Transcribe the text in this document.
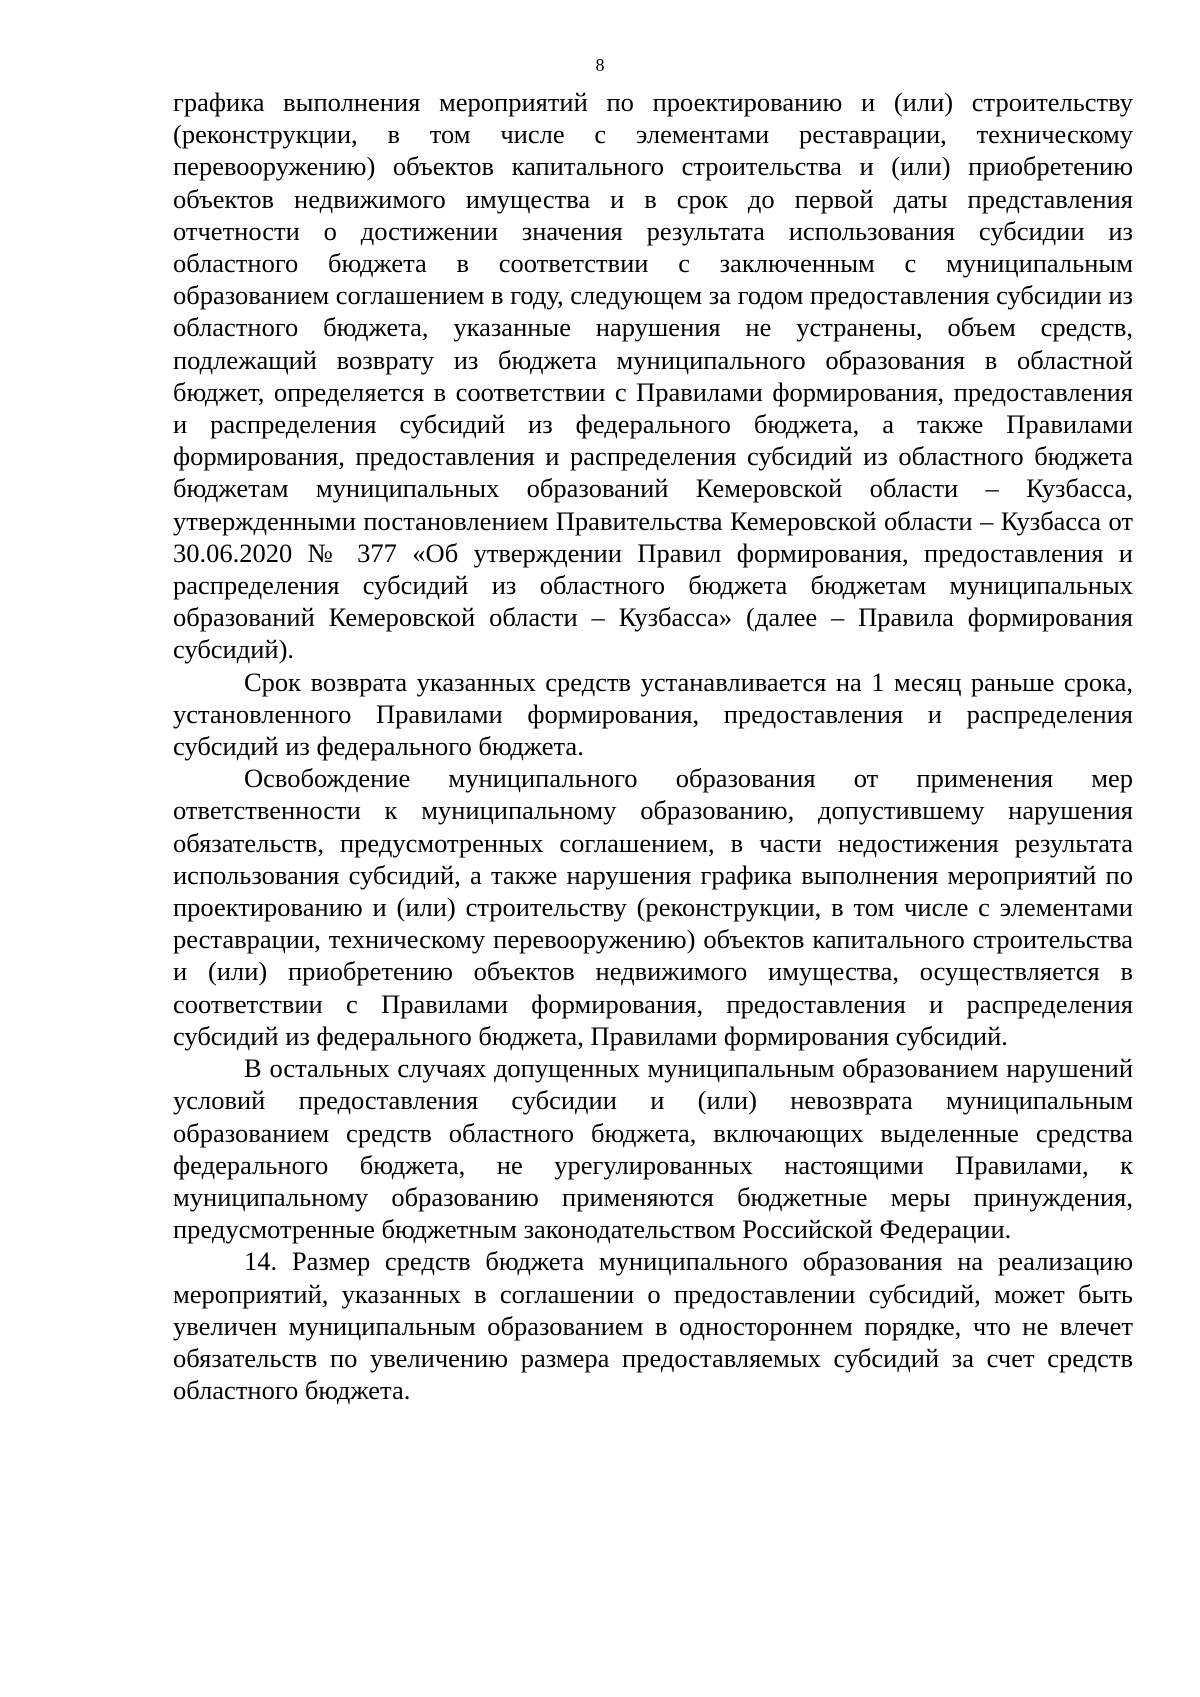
8

графика выполнения мероприятий по проектированию и (или) строительству (реконструкции, в том числе с элементами реставрации, техническому перевооружению) объектов капитального строительства и (или) приобретению объектов недвижимого имущества и в срок до первой даты представления отчетности о достижении значения результата использования субсидии из областного бюджета в соответствии с заключенным с муниципальным образованием соглашением в году, следующем за годом предоставления субсидии из областного бюджета, указанные нарушения не устранены, объем средств, подлежащий возврату из бюджета муниципального образования в областной бюджет, определяется в соответствии с Правилами формирования, предоставления и распределения субсидий из федерального бюджета, а также Правилами формирования, предоставления и распределения субсидий из областного бюджета бюджетам муниципальных образований Кемеровской области – Кузбасса, утвержденными постановлением Правительства Кемеровской области – Кузбасса от 30.06.2020 № 377 «Об утверждении Правил формирования, предоставления и распределения субсидий из областного бюджета бюджетам муниципальных образований Кемеровской области – Кузбасса» (далее – Правила формирования субсидий).

Срок возврата указанных средств устанавливается на 1 месяц раньше срока, установленного Правилами формирования, предоставления и распределения субсидий из федерального бюджета.

Освобождение муниципального образования от применения мер ответственности к муниципальному образованию, допустившему нарушения обязательств, предусмотренных соглашением, в части недостижения результата использования субсидий, а также нарушения графика выполнения мероприятий по проектированию и (или) строительству (реконструкции, в том числе с элементами реставрации, техническому перевооружению) объектов капитального строительства и (или) приобретению объектов недвижимого имущества, осуществляется в соответствии с Правилами формирования, предоставления и распределения субсидий из федерального бюджета, Правилами формирования субсидий.

В остальных случаях допущенных муниципальным образованием нарушений условий предоставления субсидии и (или) невозврата муниципальным образованием средств областного бюджета, включающих выделенные средства федерального бюджета, не урегулированных настоящими Правилами, к муниципальному образованию применяются бюджетные меры принуждения, предусмотренные бюджетным законодательством Российской Федерации.

14. Размер средств бюджета муниципального образования на реализацию мероприятий, указанных в соглашении о предоставлении субсидий, может быть увеличен муниципальным образованием в одностороннем порядке, что не влечет обязательств по увеличению размера предоставляемых субсидий за счет средств областного бюджета.
